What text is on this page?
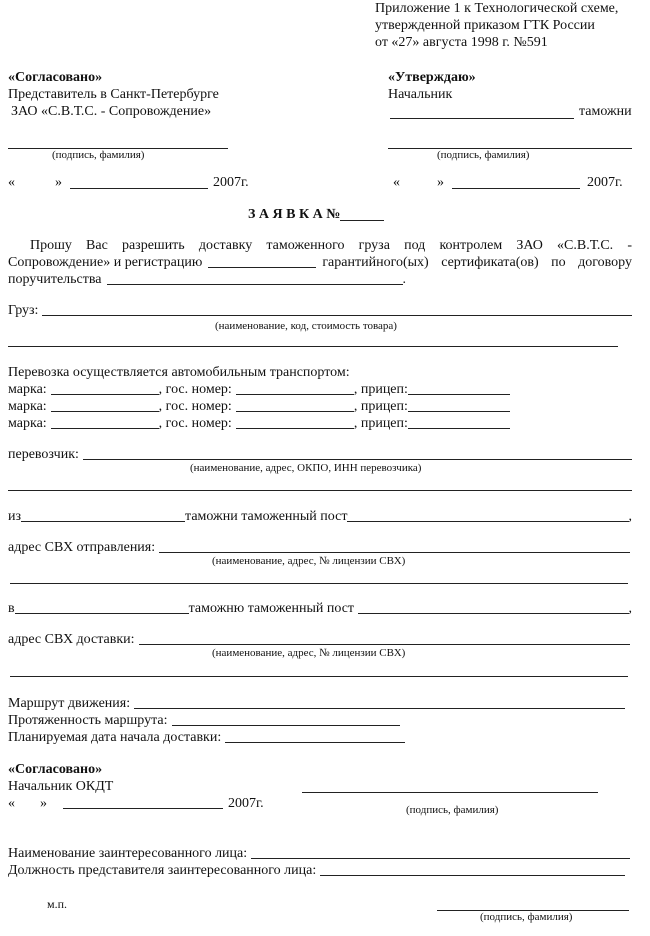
Приложение 1 к Технологической схеме,
утвержденной приказом ГТК России
от «27» августа 1998 г. №591
«Согласовано»
Представитель в Санкт-Петербурге
ЗАО «С.В.Т.С. - Сопровождение»
(подпись, фамилия)
«	»	2007г.
«Утверждаю»
Начальник
таможни
(подпись, фамилия)
«	»	2007г.
З А Я В К А №
Прошу Вас разрешить доставку таможенного груза под контролем ЗАО «С.В.Т.С. -
Сопровождение» и регистрацию	гарантийного(ых) сертификата(ов) по договору
поручительства	.
Груз:
(наименование, код, стоимость товара)
Перевозка осуществляется автомобильным транспортом:
марка:	, гос. номер:	, прицеп:
марка:	, гос. номер:	, прицеп:
марка:	, гос. номер:	, прицеп:
перевозчик:
(наименование, адрес, ОКПО, ИНН перевозчика)
из	таможни таможенный пост	,
адрес СВХ отправления:
(наименование, адрес, № лицензии СВХ)
в	таможню таможенный пост	,
адрес СВХ доставки:
(наименование, адрес, № лицензии СВХ)
Маршрут движения:
Протяженность маршрута:
Планируемая дата начала доставки:
«Согласовано»
Начальник ОКДТ
« »	2007г.	(подпись, фамилия)
Наименование заинтересованного лица:
Должность представителя заинтересованного лица:
м.п.
(подпись, фамилия)
